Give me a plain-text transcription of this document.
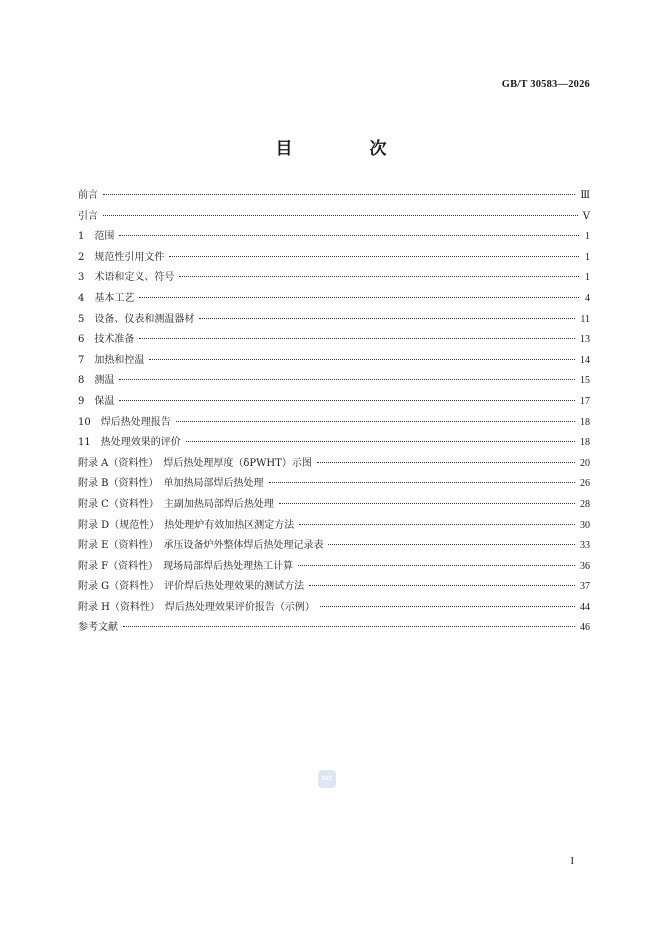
GB/T 30583—2026
目　次
前言	Ⅲ
引言	Ⅴ
1　范围	1
2　规范性引用文件	1
3　术语和定义、符号	1
4　基本工艺	4
5　设备、仪表和测温器材	11
6　技术准备	13
7　加热和控温	14
8　测温	15
9　保温	17
10　焊后热处理报告	18
11　热处理效果的评价	18
附录 A（资料性）　焊后热处理厚度（δPWHT）示图	20
附录 B（资料性）　单加热局部焊后热处理	26
附录 C（资料性）　主副加热局部焊后热处理	28
附录 D（规范性）　热处理炉有效加热区测定方法	30
附录 E（资料性）　承压设备炉外整体焊后热处理记录表	33
附录 F（资料性）　现场局部焊后热处理热工计算	36
附录 G（资料性）　评价焊后热处理效果的测试方法	37
附录 H（资料性）　焊后热处理效果评价报告（示例）	44
参考文献	46
SAC
I
